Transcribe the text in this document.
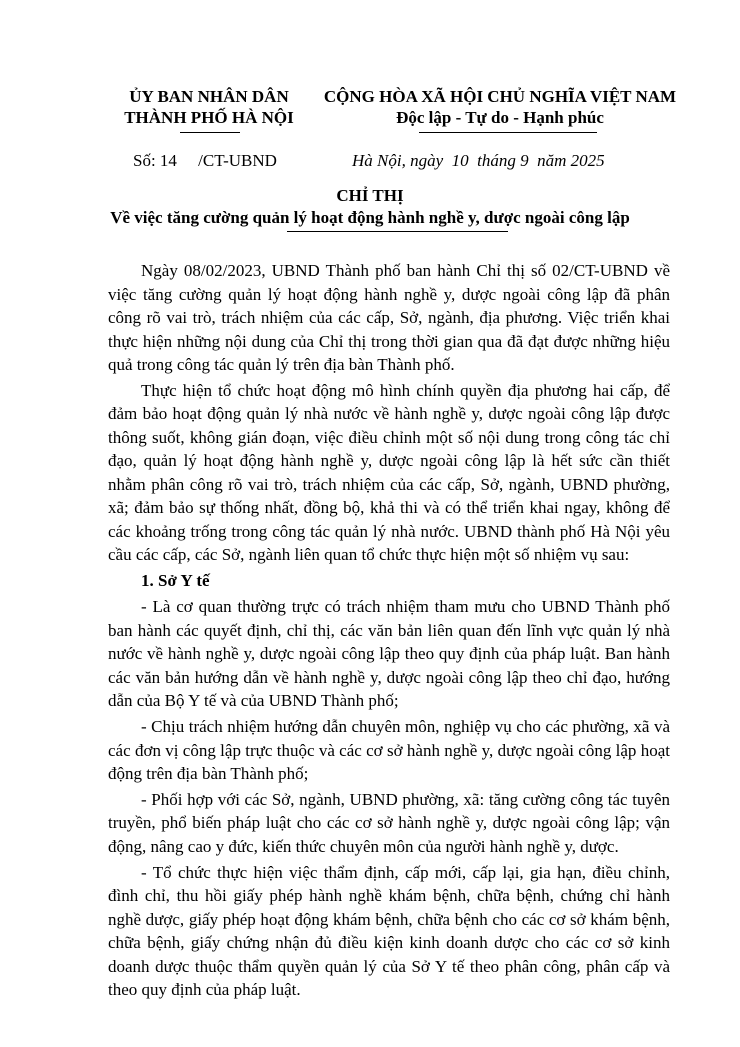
ỦY BAN NHÂN DÂN
THÀNH PHỐ HÀ NỘI
CỘNG HÒA XÃ HỘI CHỦ NGHĨA VIỆT NAM
Độc lập - Tự do - Hạnh phúc
Số: 14     /CT-UBND	Hà Nội, ngày  10  tháng 9  năm 2025
CHỈ THỊ
Về việc tăng cường quản lý hoạt động hành nghề y, dược ngoài công lập

Ngày 08/02/2023, UBND Thành phố ban hành Chỉ thị số 02/CT-UBND về việc tăng cường quản lý hoạt động hành nghề y, dược ngoài công lập đã phân công rõ vai trò, trách nhiệm của các cấp, Sở, ngành, địa phương. Việc triển khai thực hiện những nội dung của Chỉ thị trong thời gian qua đã đạt được những hiệu quả trong công tác quản lý trên địa bàn Thành phố.

Thực hiện tổ chức hoạt động mô hình chính quyền địa phương hai cấp, để đảm bảo hoạt động quản lý nhà nước về hành nghề y, dược ngoài công lập được thông suốt, không gián đoạn, việc điều chỉnh một số nội dung trong công tác chỉ đạo, quản lý hoạt động hành nghề y, dược ngoài công lập là hết sức cần thiết nhằm phân công rõ vai trò, trách nhiệm của các cấp, Sở, ngành, UBND phường, xã; đảm bảo sự thống nhất, đồng bộ, khả thi và có thể triển khai ngay, không để các khoảng trống trong công tác quản lý nhà nước. UBND thành phố Hà Nội yêu cầu các cấp, các Sở, ngành liên quan tổ chức thực hiện một số nhiệm vụ sau:

1. Sở Y tế

- Là cơ quan thường trực có trách nhiệm tham mưu cho UBND Thành phố ban hành các quyết định, chỉ thị, các văn bản liên quan đến lĩnh vực quản lý nhà nước về hành nghề y, dược ngoài công lập theo quy định của pháp luật. Ban hành các văn bản hướng dẫn về hành nghề y, dược ngoài công lập theo chỉ đạo, hướng dẫn của Bộ Y tế và của UBND Thành phố;

- Chịu trách nhiệm hướng dẫn chuyên môn, nghiệp vụ cho các phường, xã và các đơn vị công lập trực thuộc và các cơ sở hành nghề y, dược ngoài công lập hoạt động trên địa bàn Thành phố;

- Phối hợp với các Sở, ngành, UBND phường, xã: tăng cường công tác tuyên truyền, phổ biến pháp luật cho các cơ sở hành nghề y, dược ngoài công lập; vận động, nâng cao y đức, kiến thức chuyên môn của người hành nghề y, dược.

- Tổ chức thực hiện việc thẩm định, cấp mới, cấp lại, gia hạn, điều chỉnh, đình chỉ, thu hồi giấy phép hành nghề khám bệnh, chữa bệnh, chứng chỉ hành nghề dược, giấy phép hoạt động khám bệnh, chữa bệnh cho các cơ sở khám bệnh, chữa bệnh, giấy chứng nhận đủ điều kiện kinh doanh dược cho các cơ sở kinh doanh dược thuộc thẩm quyền quản lý của Sở Y tế theo phân công, phân cấp và theo quy định của pháp luật.
